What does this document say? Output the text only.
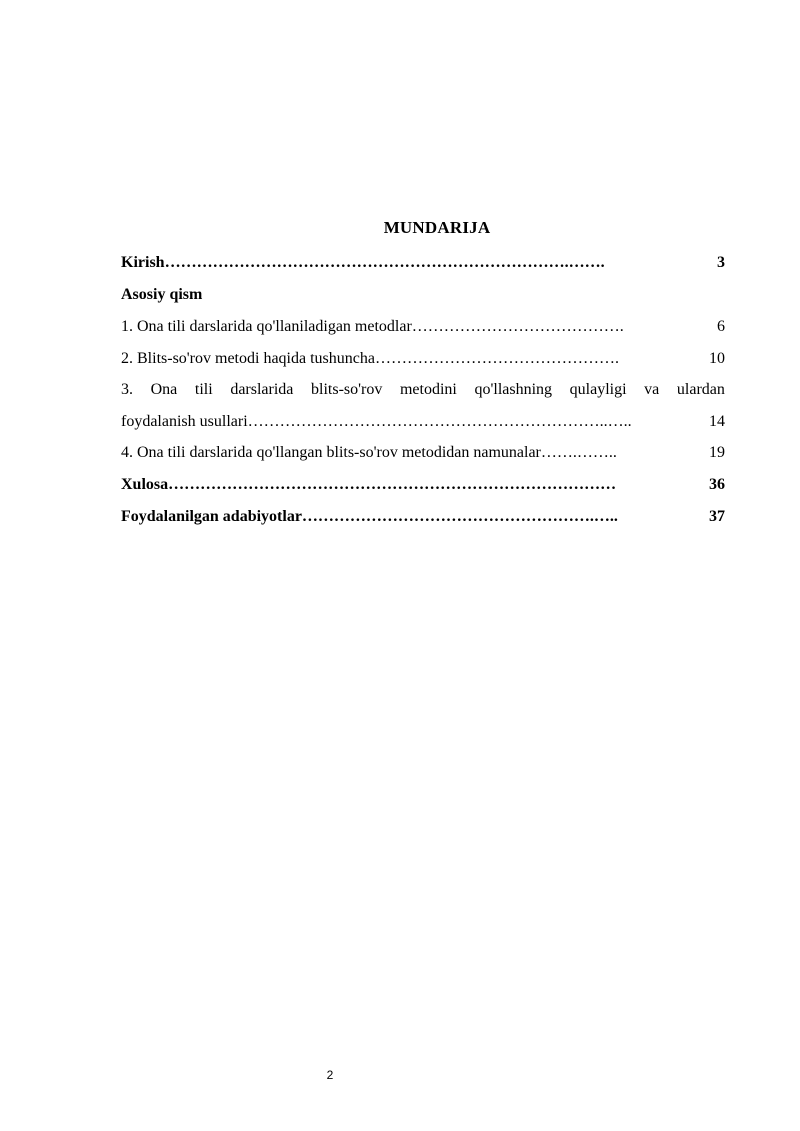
MUNDARIJA
Kirish ………………………………………………………………….…….	3
Asosiy qism
1. Ona tili darslarida qo'llaniladigan metodlar ………………………………….	6
2. Blits-so'rov metodi haqida tushuncha ……………………………………….	10
3. Ona tili darslarida blits-so'rov metodini qo'llashning qulayligi va ulardan
foydalanish usullari …………………………………………………………..…..	14
4. Ona tili darslarida qo'llangan blits-so'rov metodidan namunalar …….……..	19
Xulosa …………………………………………………………………………	36
Foydalanilgan adabiyotlar ……………………………………………….…..	37
2
